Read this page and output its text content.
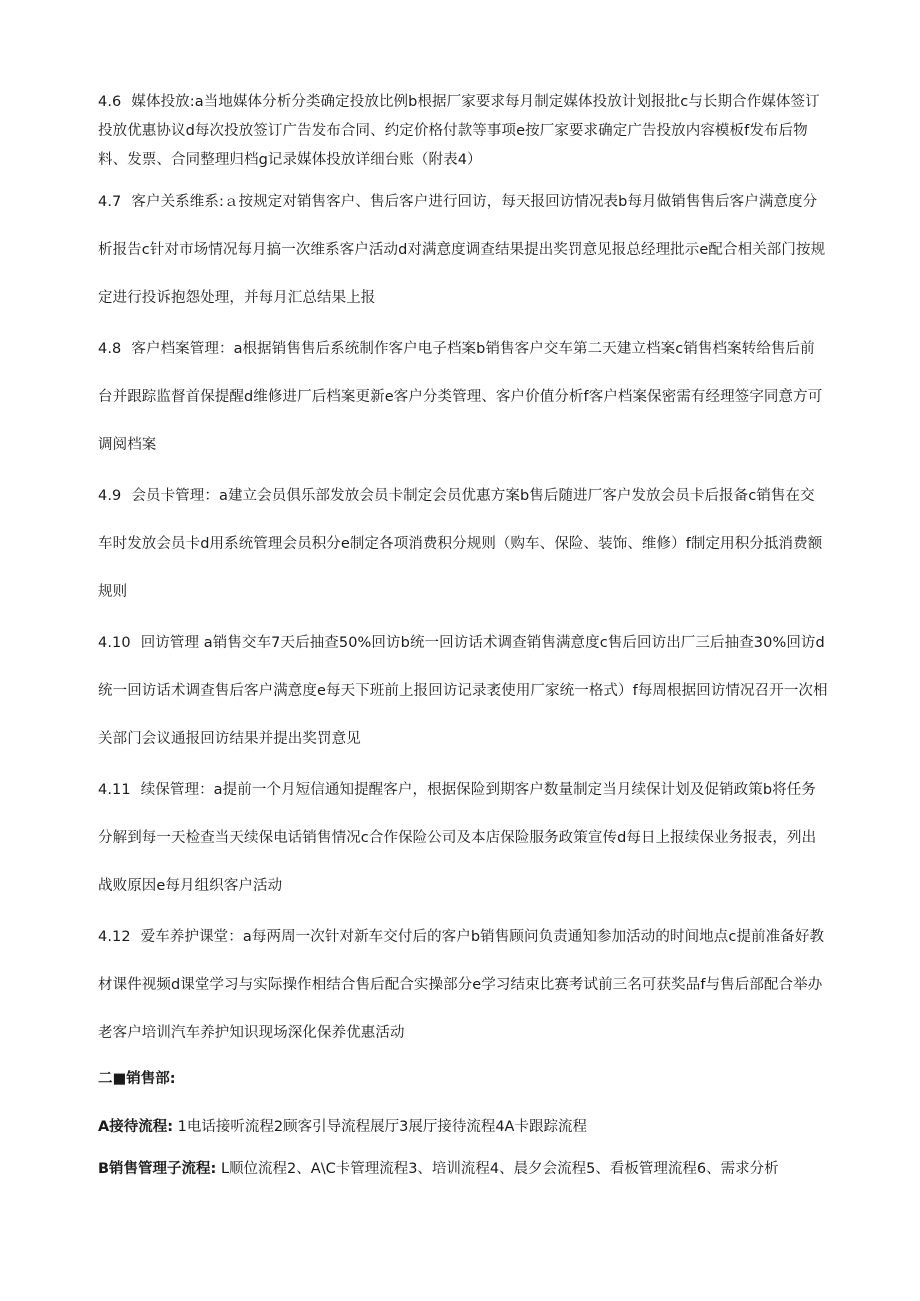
4.6 媒体投放:a当地媒体分析分类确定投放比例b根据厂家要求每月制定媒体投放计划报批c与长期合作媒体签订投放优惠协议d每次投放签订广告发布合同、约定价格付款等事项e按厂家要求确定广告投放内容模板f发布后物料、发票、合同整理归档g记录媒体投放详细台账（附表4）

4.7 客户关系维系:ａ按规定对销售客户、售后客户进行回访，每天报回访情况表b每月做销售售后客户满意度分析报告c针对市场情况每月搞一次维系客户活动d对满意度调查结果提出奖罚意见报总经理批示e配合相关部门按规定进行投诉抱怨处理，并每月汇总结果上报

4.8 客户档案管理：a根据销售售后系统制作客户电子档案b销售客户交车第二天建立档案c销售档案转给售后前台并跟踪监督首保提醒d维修进厂后档案更新e客户分类管理、客户价值分析f客户档案保密需有经理签字同意方可调阅档案

4.9 会员卡管理：a建立会员俱乐部发放会员卡制定会员优惠方案b售后随进厂客户发放会员卡后报备c销售在交车时发放会员卡d用系统管理会员积分e制定各项消费积分规则（购车、保险、装饰、维修）f制定用积分抵消费额规则

4.10 回访管理 a销售交车7天后抽查50%回访b统一回访话术调查销售满意度c售后回访出厂三后抽查30%回访d统一回访话术调查售后客户满意度e每天下班前上报回访记录袤使用厂家统一格式）f每周根据回访情况召开一次相关部门会议通报回访结果并提出奖罚意见

4.11 续保管理：a提前一个月短信通知提醒客户，根据保险到期客户数量制定当月续保计划及促销政策b将任务分解到每一天检查当天续保电话销售情况c合作保险公司及本店保险服务政策宣传d每日上报续保业务报表，列出战败原因e每月组织客户活动

4.12 爱车养护课堂：a每两周一次针对新车交付后的客户b销售顾问负责通知参加活动的时间地点c提前准备好教材课件视频d课堂学习与实际操作相结合售后配合实操部分e学习结束比赛考试前三名可获奖品f与售后部配合举办老客户培训汽车养护知识现场深化保养优惠活动

二■销售部:

A接待流程: 1电话接听流程2顾客引导流程展厅3展厅接待流程4A卡跟踪流程

B销售管理子流程: L顺位流程2、A\C卡管理流程3、培训流程4、晨夕会流程5、看板管理流程6、需求分析
